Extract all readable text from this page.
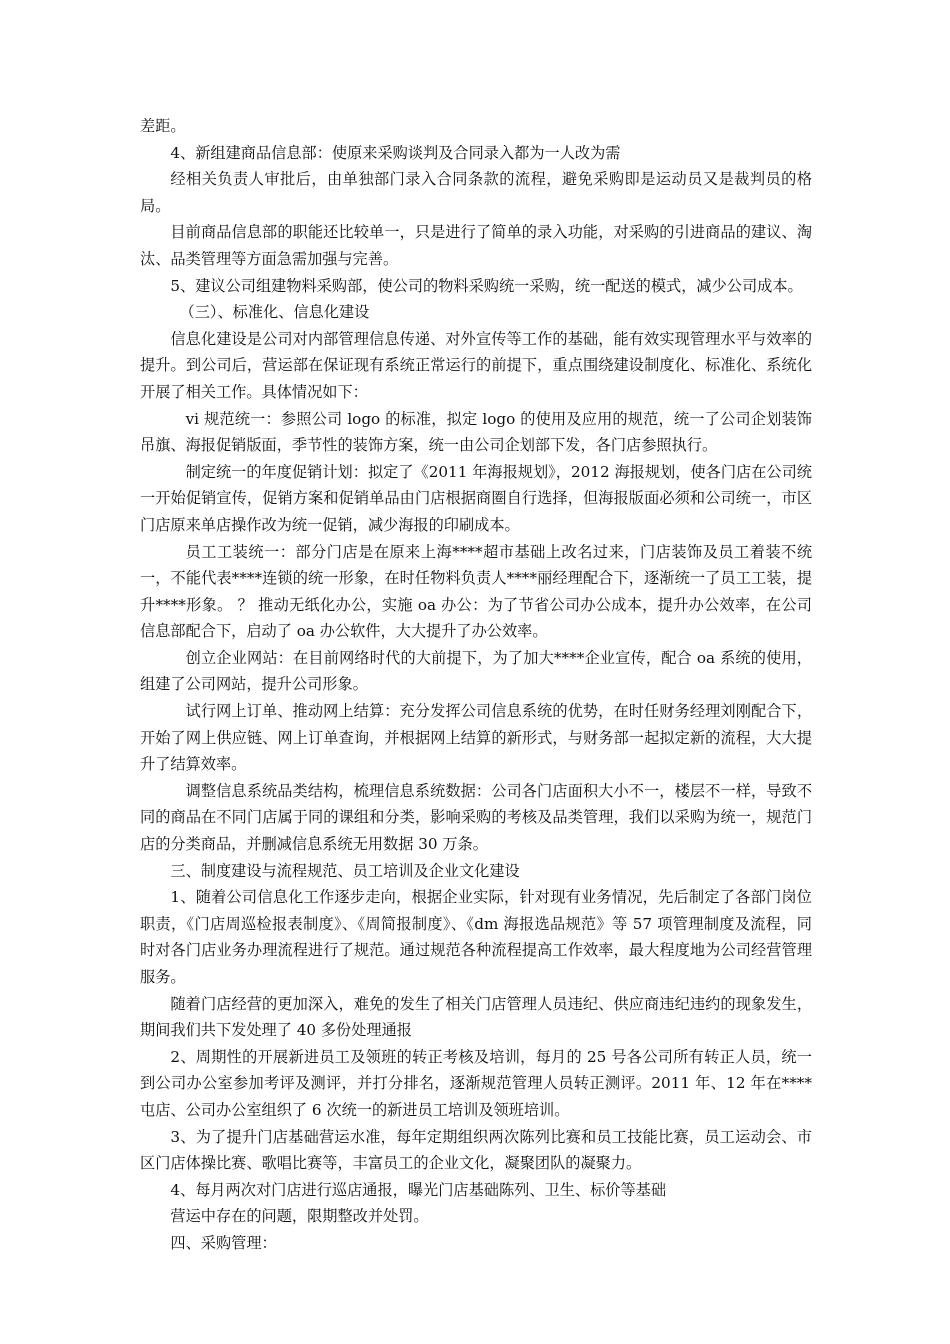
差距。

4、新组建商品信息部：使原来采购谈判及合同录入都为一人改为需

经相关负责人审批后，由单独部门录入合同条款的流程，避免采购即是运动员又是裁判员的格局。

目前商品信息部的职能还比较单一，只是进行了简单的录入功能，对采购的引进商品的建议、淘汰、品类管理等方面急需加强与完善。

5、建议公司组建物料采购部，使公司的物料采购统一采购，统一配送的模式，减少公司成本。

（三）、标准化、信息化建设

信息化建设是公司对内部管理信息传递、对外宣传等工作的基础，能有效实现管理水平与效率的提升。到公司后，营运部在保证现有系统正常运行的前提下，重点围绕建设制度化、标准化、系统化开展了相关工作。具体情况如下：

vi 规范统一：参照公司 logo 的标准，拟定 logo 的使用及应用的规范，统一了公司企划装饰吊旗、海报促销版面，季节性的装饰方案，统一由公司企划部下发，各门店参照执行。

制定统一的年度促销计划：拟定了《2011 年海报规划》，2012 海报规划，使各门店在公司统一开始促销宣传，促销方案和促销单品由门店根据商圈自行选择，但海报版面必须和公司统一，市区门店原来单店操作改为统一促销，减少海报的印刷成本。

员工工装统一：部分门店是在原来上海****超市基础上改名过来，门店装饰及员工着装不统一，不能代表****连锁的统一形象，在时任物料负责人****丽经理配合下，逐渐统一了员工工装，提升****形象。 ？ 推动无纸化办公，实施 oa 办公：为了节省公司办公成本，提升办公效率，在公司信息部配合下，启动了 oa 办公软件，大大提升了办公效率。

创立企业网站：在目前网络时代的大前提下，为了加大****企业宣传，配合 oa 系统的使用，组建了公司网站，提升公司形象。

试行网上订单、推动网上结算：充分发挥公司信息系统的优势，在时任财务经理刘刚配合下，开始了网上供应链、网上订单查询，并根据网上结算的新形式，与财务部一起拟定新的流程，大大提升了结算效率。

调整信息系统品类结构，梳理信息系统数据：公司各门店面积大小不一，楼层不一样，导致不同的商品在不同门店属于同的课组和分类，影响采购的考核及品类管理，我们以采购为统一，规范门店的分类商品，并删减信息系统无用数据 30 万条。

三、制度建设与流程规范、员工培训及企业文化建设

1、随着公司信息化工作逐步走向，根据企业实际，针对现有业务情况，先后制定了各部门岗位职责，《门店周巡检报表制度》、《周简报制度》、《dm 海报选品规范》等 57 项管理制度及流程，同时对各门店业务办理流程进行了规范。通过规范各种流程提高工作效率，最大程度地为公司经营管理服务。

随着门店经营的更加深入，难免的发生了相关门店管理人员违纪、供应商违纪违约的现象发生，期间我们共下发处理了 40 多份处理通报

2、周期性的开展新进员工及领班的转正考核及培训，每月的 25 号各公司所有转正人员，统一到公司办公室参加考评及测评，并打分排名，逐渐规范管理人员转正测评。2011 年、12 年在****屯店、公司办公室组织了 6 次统一的新进员工培训及领班培训。

3、为了提升门店基础营运水准，每年定期组织两次陈列比赛和员工技能比赛，员工运动会、市区门店体操比赛、歌唱比赛等，丰富员工的企业文化，凝聚团队的凝聚力。

4、每月两次对门店进行巡店通报，曝光门店基础陈列、卫生、标价等基础

营运中存在的问题，限期整改并处罚。

四、采购管理：
